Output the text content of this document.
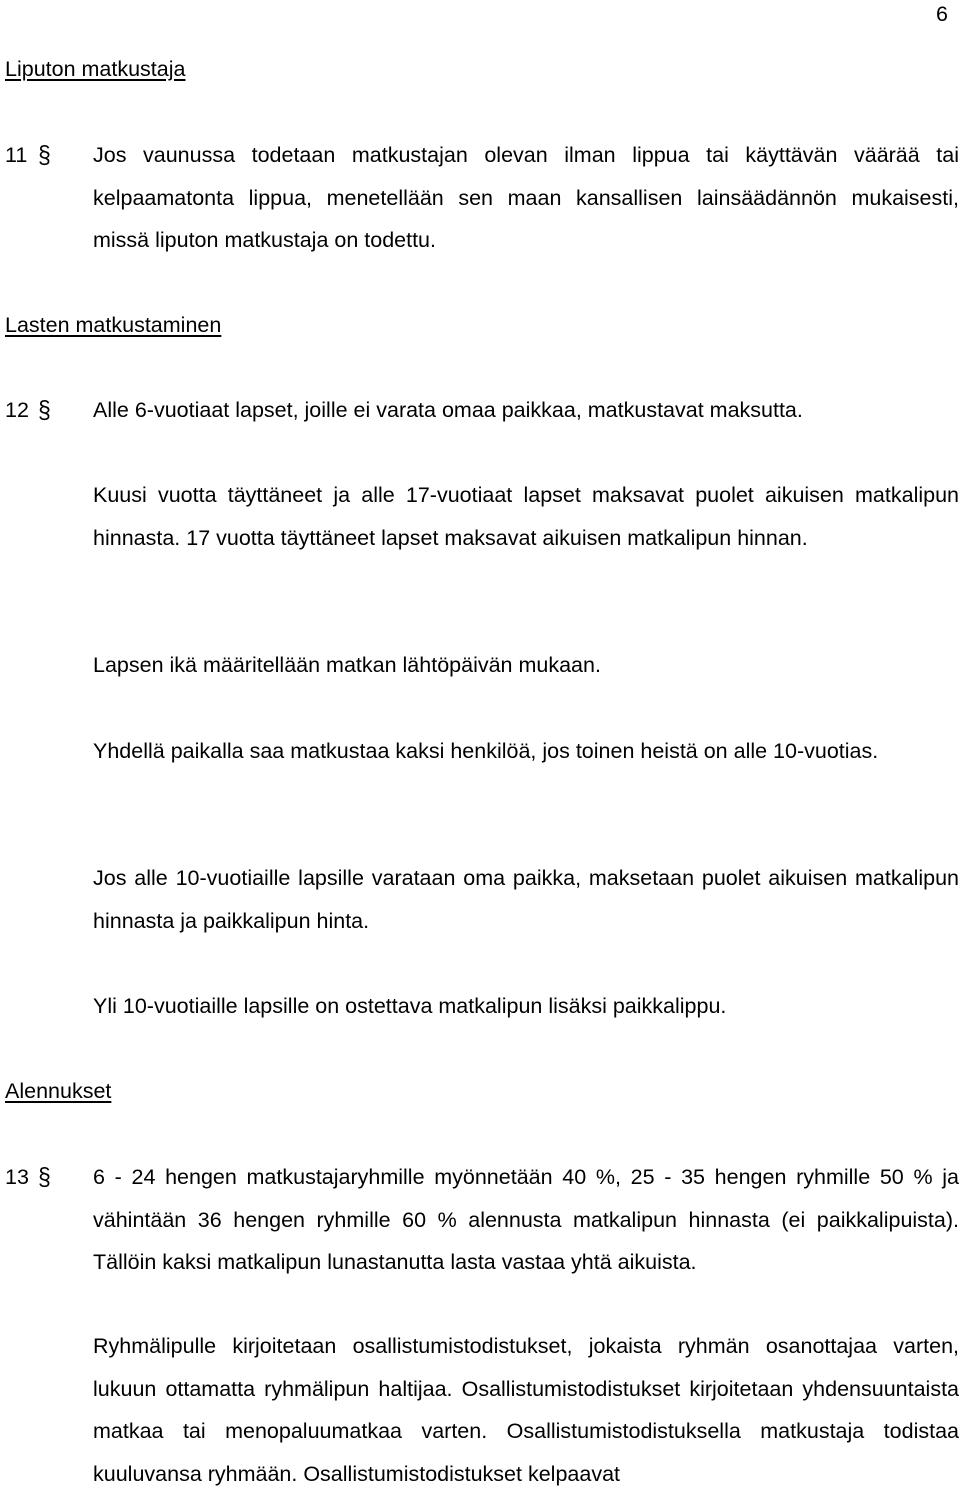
6
Liputon matkustaja
11 § Jos vaunussa todetaan matkustajan olevan ilman lippua tai käyttävän väärää tai kelpaamatonta lippua, menetellään sen maan kansallisen lainsäädännön mukaisesti, missä liputon matkustaja on todettu.
Lasten matkustaminen
12 § Alle 6-vuotiaat lapset, joille ei varata omaa paikkaa, matkustavat maksutta.
Kuusi vuotta täyttäneet ja alle 17-vuotiaat lapset maksavat puolet aikuisen matkalipun hinnasta. 17 vuotta täyttäneet lapset maksavat aikuisen matkalipun hinnan.
Lapsen ikä määritellään matkan lähtöpäivän mukaan.
Yhdellä paikalla saa matkustaa kaksi henkilöä, jos toinen heistä on alle 10-vuotias.
Jos alle 10-vuotiaille lapsille varataan oma paikka, maksetaan puolet aikuisen matkalipun hinnasta ja paikkalipun hinta.
Yli 10-vuotiaille lapsille on ostettava matkalipun lisäksi paikkalippu.
Alennukset
13 § 6 - 24 hengen matkustajaryhmille myönnetään 40 %, 25 - 35 hengen ryhmille 50 % ja vähintään 36 hengen ryhmille 60 % alennusta matkalipun hinnasta (ei paikkalipuista). Tällöin kaksi matkalipun lunastanutta lasta vastaa yhtä aikuista.
Ryhmälipulle kirjoitetaan osallistumistodistukset, jokaista ryhmän osanottajaa varten, lukuun ottamatta ryhmälipun haltijaa. Osallistumistodistukset kirjoitetaan yhdensuuntaista matkaa tai menopaluumatkaa varten. Osallistumistodistuksella matkustaja todistaa kuuluvansa ryhmään. Osallistumistodistukset kelpaavat
